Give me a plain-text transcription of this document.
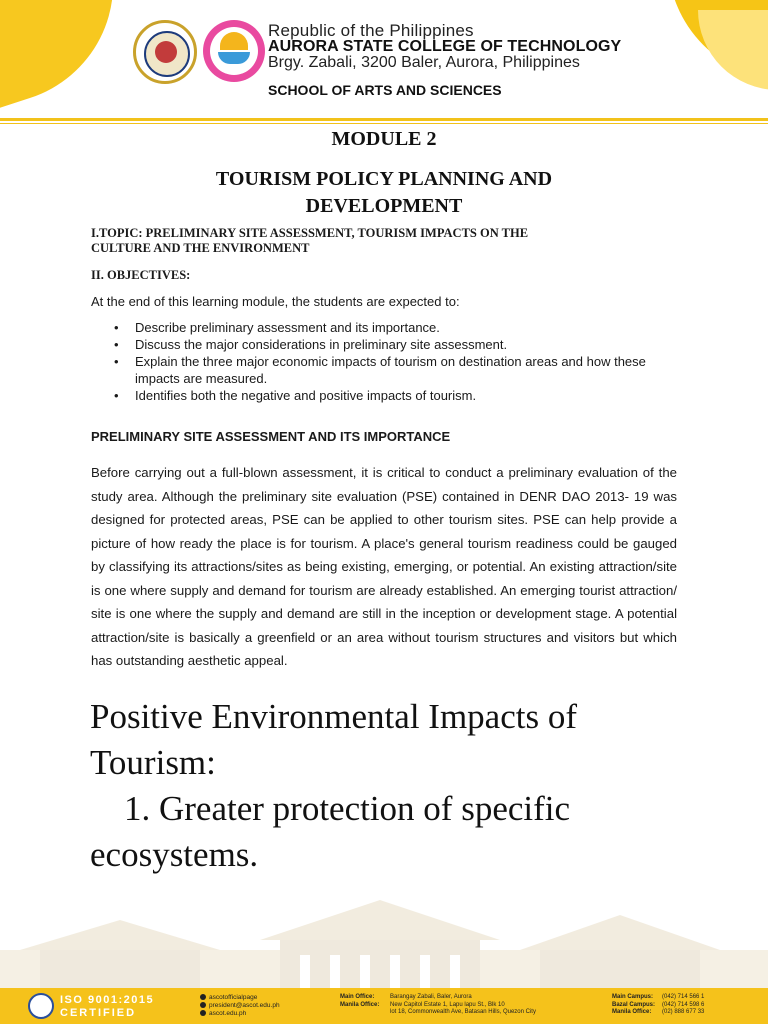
Republic of the Philippines
AURORA STATE COLLEGE OF TECHNOLOGY
Brgy. Zabali, 3200 Baler, Aurora, Philippines
SCHOOL OF ARTS AND SCIENCES
MODULE 2
TOURISM POLICY PLANNING AND
DEVELOPMENT
I.TOPIC: PRELIMINARY SITE ASSESSMENT, TOURISM IMPACTS ON THE
CULTURE AND THE ENVIRONMENT
II. OBJECTIVES:
At the end of this learning module, the students are expected to:
• Describe preliminary assessment and its importance.
• Discuss the major considerations in preliminary site assessment.
• Explain the three major economic impacts of tourism on destination areas and how these impacts are measured.
• Identifies both the negative and positive impacts of tourism.
PRELIMINARY SITE ASSESSMENT AND ITS IMPORTANCE
Before carrying out a full-blown assessment, it is critical to conduct a preliminary evaluation of the study area. Although the preliminary site evaluation (PSE) contained in DENR DAO 2013- 19 was designed for protected areas, PSE can be applied to other tourism sites. PSE can help provide a picture of how ready the place is for tourism. A place's general tourism readiness could be gauged by classifying its attractions/sites as being existing, emerging, or potential. An existing attraction/site is one where supply and demand for tourism are already established. An emerging tourist attraction/ site is one where the supply and demand are still in the inception or development stage. A potential attraction/site is basically a greenfield or an area without tourism structures and visitors but which has outstanding aesthetic appeal.
Positive Environmental Impacts of
Tourism:
1. Greater protection of specific
ecosystems.
ISO 9001:2015
CERTIFIED
ascotofficialpage
president@ascot.edu.ph
ascot.edu.ph
Main Office:	Barangay Zabali, Baler, Aurora
Manila Office: New Capitol Estate 1, Lapu lapu St., Blk 10
lot 18, Commonwealth Ave, Batasan Hills, Quezon City
Main Campus: (042) 714 566 1
Bazal Campus: (042) 714 598 6
Manila Office: (02) 888 677 33
